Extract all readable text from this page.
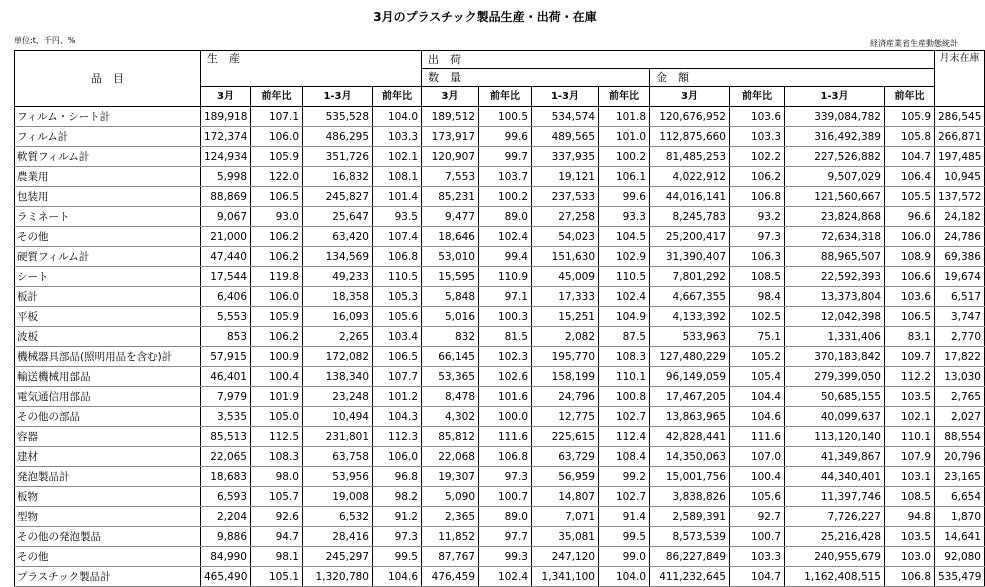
3月のプラスチック製品生産・出荷・在庫
単位:t、千円、%	経済産業省生産動態統計
品　目	生　産				出　荷								月末在庫
					数　量				金　額				
	3月	前年比	1-3月	前年比	3月	前年比	1-3月	前年比	3月	前年比	1-3月	前年比	
フィルム・シート計	189,918	107.1	535,528	104.0	189,512	100.5	534,574	101.8	120,676,952	103.6	339,084,782	105.9	286,545
フィルム計	172,374	106.0	486,295	103.3	173,917	99.6	489,565	101.0	112,875,660	103.3	316,492,389	105.8	266,871
軟質フィルム計	124,934	105.9	351,726	102.1	120,907	99.7	337,935	100.2	81,485,253	102.2	227,526,882	104.7	197,485
農業用	5,998	122.0	16,832	108.1	7,553	103.7	19,121	106.1	4,022,912	106.2	9,507,029	106.4	10,945
包装用	88,869	106.5	245,827	101.4	85,231	100.2	237,533	99.6	44,016,141	106.8	121,560,667	105.5	137,572
ラミネート	9,067	93.0	25,647	93.5	9,477	89.0	27,258	93.3	8,245,783	93.2	23,824,868	96.6	24,182
その他	21,000	106.2	63,420	107.4	18,646	102.4	54,023	104.5	25,200,417	97.3	72,634,318	106.0	24,786
硬質フィルム計	47,440	106.2	134,569	106.8	53,010	99.4	151,630	102.9	31,390,407	106.3	88,965,507	108.9	69,386
シート	17,544	119.8	49,233	110.5	15,595	110.9	45,009	110.5	7,801,292	108.5	22,592,393	106.6	19,674
板計	6,406	106.0	18,358	105.3	5,848	97.1	17,333	102.4	4,667,355	98.4	13,373,804	103.6	6,517
平板	5,553	105.9	16,093	105.6	5,016	100.3	15,251	104.9	4,133,392	102.5	12,042,398	106.5	3,747
波板	853	106.2	2,265	103.4	832	81.5	2,082	87.5	533,963	75.1	1,331,406	83.1	2,770
機械器具部品(照明用品を含む)計	57,915	100.9	172,082	106.5	66,145	102.3	195,770	108.3	127,480,229	105.2	370,183,842	109.7	17,822
輸送機械用部品	46,401	100.4	138,340	107.7	53,365	102.6	158,199	110.1	96,149,059	105.4	279,399,050	112.2	13,030
電気通信用部品	7,979	101.9	23,248	101.2	8,478	101.6	24,796	100.8	17,467,205	104.4	50,685,155	103.5	2,765
その他の部品	3,535	105.0	10,494	104.3	4,302	100.0	12,775	102.7	13,863,965	104.6	40,099,637	102.1	2,027
容器	85,513	112.5	231,801	112.3	85,812	111.6	225,615	112.4	42,828,441	111.6	113,120,140	110.1	88,554
建材	22,065	108.3	63,758	106.0	22,068	106.8	63,729	108.4	14,350,063	107.0	41,349,867	107.9	20,796
発泡製品計	18,683	98.0	53,956	96.8	19,307	97.3	56,959	99.2	15,001,756	100.4	44,340,401	103.1	23,165
板物	6,593	105.7	19,008	98.2	5,090	100.7	14,807	102.7	3,838,826	105.6	11,397,746	108.5	6,654
型物	2,204	92.6	6,532	91.2	2,365	89.0	7,071	91.4	2,589,391	92.7	7,726,227	94.8	1,870
その他の発泡製品	9,886	94.7	28,416	97.3	11,852	97.7	35,081	99.5	8,573,539	100.7	25,216,428	103.5	14,641
その他	84,990	98.1	245,297	99.5	87,767	99.3	247,120	99.0	86,227,849	103.3	240,955,679	103.0	92,080
プラスチック製品計	465,490	105.1	1,320,780	104.6	476,459	102.4	1,341,100	104.0	411,232,645	104.7	1,162,408,515	106.8	535,479
